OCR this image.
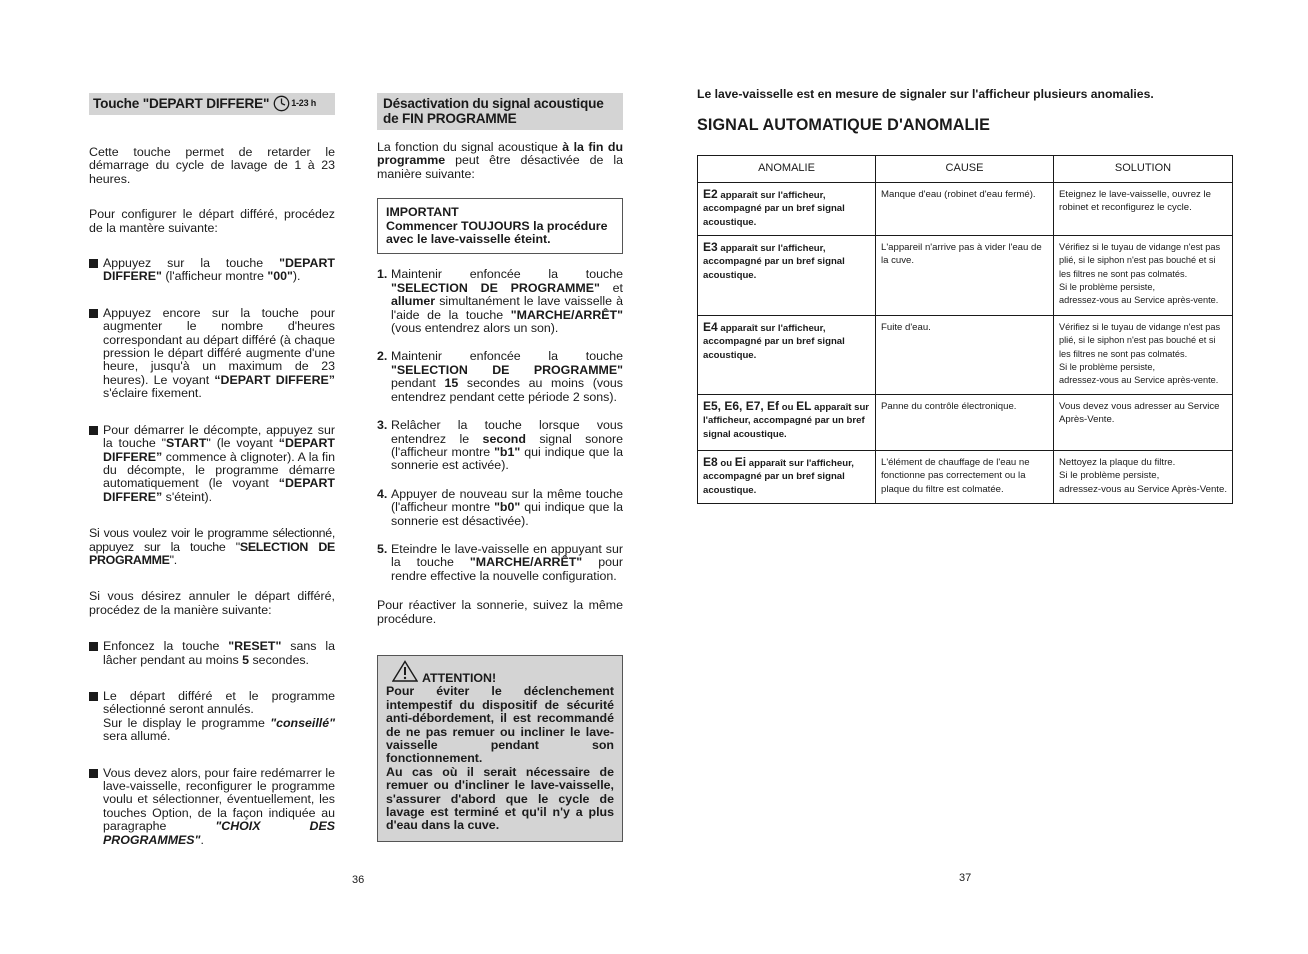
Touche "DEPART DIFFERE" 1-23 h

Cette touche permet de retarder le démarrage du cycle de lavage de 1 à 23 heures.

Pour configurer le départ différé, procédez de la mantère suivante:

Appuyez sur la touche "DEPART DIFFERE" (l'afficheur montre "00").
Appuyez encore sur la touche pour augmenter le nombre d'heures correspondant au départ différé (à chaque pression le départ différé augmente d'une heure, jusqu'à un maximum de 23 heures). Le voyant “DEPART DIFFERE” s'éclaire fixement.
Pour démarrer le décompte, appuyez sur la touche "START" (le voyant “DEPART DIFFERE” commence à clignoter). A la fin du décompte, le programme démarre automatiquement (le voyant “DEPART DIFFERE” s'éteint).

Si vous voulez voir le programme sélectionné, appuyez sur la touche "SELECTION DE PROGRAMME".

Si vous désirez annuler le départ différé, procédez de la manière suivante:

Enfoncez la touche "RESET" sans la lâcher pendant au moins 5 secondes.
Le départ différé et le programme sélectionné seront annulés.
Sur le display le programme "conseillé" sera allumé.
Vous devez alors, pour faire redémarrer le lave-vaisselle, reconfigurer le programme voulu et sélectionner, éventuellement, les touches Option, de la façon indiquée au paragraphe "CHOIX DES PROGRAMMES".
36
Désactivation du signal acoustique
de FIN PROGRAMME

La fonction du signal acoustique à la fin du programme peut être désactivée de la manière suivante:

IMPORTANT
Commencer TOUJOURS la procédure avec le lave-vaisselle éteint.
1. Maintenir enfoncée la touche "SELECTION DE PROGRAMME" et allumer simultanément le lave vaisselle à l'aide de la touche "MARCHE/ARRÊT" (vous entendrez alors un son).
2. Maintenir enfoncée la touche "SELECTION DE PROGRAMME" pendant 15 secondes au moins (vous entendrez pendant cette période 2 sons).
3. Relâcher la touche lorsque vous entendrez le second signal sonore (l'afficheur montre "b1" qui indique que la sonnerie est activée).
4. Appuyer de nouveau sur la même touche (l'afficheur montre "b0" qui indique que la sonnerie est désactivée).
5. Eteindre le lave-vaisselle en appuyant sur la touche "MARCHE/ARRÊT" pour rendre effective la nouvelle configuration.

Pour réactiver la sonnerie, suivez la même procédure.

ATTENTION!
Pour éviter le déclenchement intempestif du dispositif de sécurité anti-débordement, il est recommandé de ne pas remuer ou incliner le lave-vaisselle pendant son fonctionnement.
Au cas où il serait nécessaire de remuer ou d'incliner le lave-vaisselle, s'assurer d'abord que le cycle de lavage est terminé et qu'il n'y a plus d'eau dans la cuve.

Le lave-vaisselle est en mesure de signaler sur l'afficheur plusieurs anomalies.

SIGNAL AUTOMATIQUE D'ANOMALIE
ANOMALIE	CAUSE	SOLUTION
E2 apparaît sur l'afficheur, accompagné par un bref signal acoustique.	Manque d'eau (robinet d'eau fermé).	Eteignez le lave-vaisselle, ouvrez le robinet et reconfigurez le cycle.

E3 apparaît sur l'afficheur, accompagné par un bref signal acoustique.	L'appareil n'arrive pas à vider l'eau de la cuve.	Vérifiez si le tuyau de vidange n'est pas plié, si le siphon n'est pas bouché et si les filtres ne sont pas colmatés.
Si le problème persiste,
adressez-vous au Service après-vente.

E4 apparaît sur l'afficheur, accompagné par un bref signal acoustique.	Fuite d'eau.	Vérifiez si le tuyau de vidange n'est pas plié, si le siphon n'est pas bouché et si les filtres ne sont pas colmatés.
Si le problème persiste,
adressez-vous au Service après-vente.

E5, E6, E7, Ef ou EL apparaît sur l'afficheur, accompagné par un bref signal acoustique.	Panne du contrôle électronique.	Vous devez vous adresser au Service Après-Vente.

E8 ou Ei apparaît sur l'afficheur, accompagné par un bref signal acoustique.	L'élément de chauffage de l'eau ne fonctionne pas correctement ou la plaque du filtre est colmatée.	Nettoyez la plaque du filtre.
Si le problème persiste,
adressez-vous au Service Après-Vente.
37
